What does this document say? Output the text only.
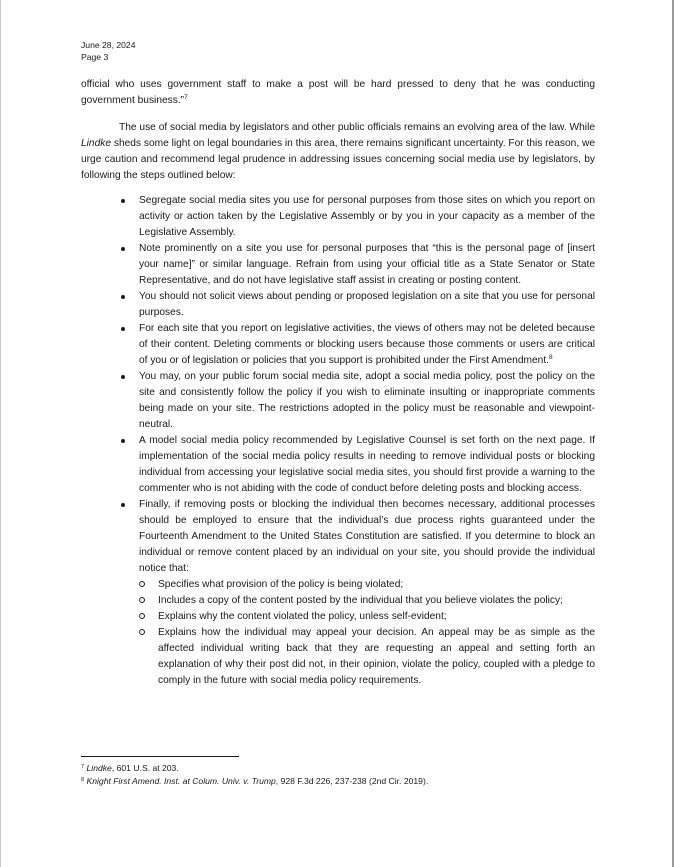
June 28, 2024
Page 3

official who uses government staff to make a post will be hard pressed to deny that he was conducting government business.”$^7$

The use of social media by legislators and other public officials remains an evolving area of the law. While Lindke sheds some light on legal boundaries in this area, there remains significant uncertainty. For this reason, we urge caution and recommend legal prudence in addressing issues concerning social media use by legislators, by following the steps outlined below:

Segregate social media sites you use for personal purposes from those sites on which you report on activity or action taken by the Legislative Assembly or by you in your capacity as a member of the Legislative Assembly.
Note prominently on a site you use for personal purposes that “this is the personal page of [insert your name]” or similar language. Refrain from using your official title as a State Senator or State Representative, and do not have legislative staff assist in creating or posting content.
You should not solicit views about pending or proposed legislation on a site that you use for personal purposes.
For each site that you report on legislative activities, the views of others may not be deleted because of their content. Deleting comments or blocking users because those comments or users are critical of you or of legislation or policies that you support is prohibited under the First Amendment.$^8$
You may, on your public forum social media site, adopt a social media policy, post the policy on the site and consistently follow the policy if you wish to eliminate insulting or inappropriate comments being made on your site. The restrictions adopted in the policy must be reasonable and viewpoint-neutral.
A model social media policy recommended by Legislative Counsel is set forth on the next page. If implementation of the social media policy results in needing to remove individual posts or blocking individual from accessing your legislative social media sites, you should first provide a warning to the commenter who is not abiding with the code of conduct before deleting posts and blocking access.
Finally, if removing posts or blocking the individual then becomes necessary, additional processes should be employed to ensure that the individual’s due process rights guaranteed under the Fourteenth Amendment to the United States Constitution are satisfied. If you determine to block an individual or remove content placed by an individual on your site, you should provide the individual notice that:
Specifies what provision of the policy is being violated;
Includes a copy of the content posted by the individual that you believe violates the policy;
Explains why the content violated the policy, unless self-evident;
Explains how the individual may appeal your decision. An appeal may be as simple as the affected individual writing back that they are requesting an appeal and setting forth an explanation of why their post did not, in their opinion, violate the policy, coupled with a pledge to comply in the future with social media policy requirements.
$^7$ Lindke, 601 U.S. at 203.
$^8$ Knight First Amend. Inst. at Colum. Univ. v. Trump, 928 F.3d 226, 237-238 (2nd Cir. 2019).
